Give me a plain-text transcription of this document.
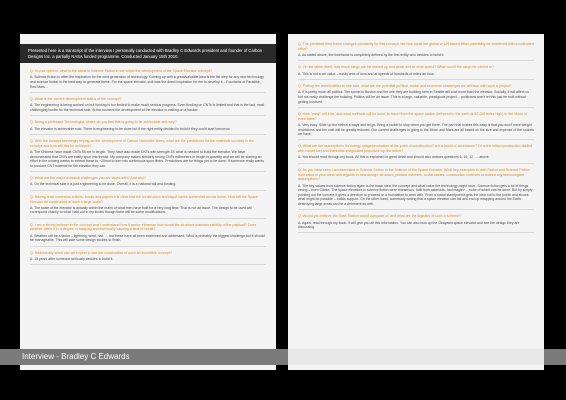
Presented here is a transcript of the interview I personally conducted with Bradley C Edwards president and founder of Carbon Designs Inc. a partially NASA funded programme. Conducted January 15th 2010.

Q. In your opinion, what is the value in Science Fiction's role within the development of the Space Elevator concept?

A. Science fiction is often the inspiration for the next generation of technology. Coming up with a great/valuable idea is the fist step for any new technology and science fiction is the best way to generate these. For the space elevator, scifi was the direct inspiration for me to develop it – Fountains of Paradise, Red Mars…

Q. What is the current development status of the concept?

A. The engineering is being worked on but funding is too limited to make much serious progress. Even funding on CNTs is limited and that is the last, most challenging hurdle for the technical side. At the moment the development of the elevator is waiting on a backer.

Q. Being a professed Technologist, where do you feel this is going to be achievable and why?

A. The elevator is achievable now. There is engineering to be done but if the right entity decided to build it they could start tomorrow.

Q. With the concept seemingly relying on the development of Carbon Nanotube fibres, what are the predictions for the materials success in the concept and how will this be achieved?

A. The Chinese have made CNTs 55 cm in length. They have also made CNTs with strength 3X what is needed to build the elevator. We have demonstrated that CNTs are easily spun into thread. My company makes similarly strong CNTs millimeters in length in quantity and we will be starting an effort in the coming weeks to extend these to ~20mm to turn into continuous spun fibers. Predictions are for things yet to be done. If someone really wants to produce CNT material for the elevator they can.

Q. What are the major technical challenges you are faced with? And why?

A. On the technical side it is just engineering to be done. Overall, it is a national will and funding.

Q. Having read numerous articles, books and papers it is clear that the construction technique varies somewhat across these. How will the Space Elevator be constructed at such a large scale?

A. The scale of the elevator is actually within the realm of what men have built for a very long time. That is not an issue. The design to be used will correspond closely to what I laid out in my books though there will be some modifications.

Q. I am a strong believer in the concept and I understand how it works. However how would the structure maintain stability of the payload? Does weather affect it to a degree of swaying and eventually causing a fault or break?

A. Weather will be a factor – lightning, wind, hail, … but these have all been examined and addressed. Wind is probably the biggest challenge but it should be manageable. This will take some design studies to finish.

Q. Realistically when can we expect to see the construction of such an incredible concept?

A. 15 years after someone seriously decides to build it.

Q. The predicted time frame changes constantly for this concept, but how could the global or UN based effort potentially be shortened with a motivated effort?

A. As stated above, the timeframe is completely defined by the first entity who decides to build it.

Q. On the tether itself, how much cargo can be moved up and down and at what speed? What would the cargo be carried in?

A. This is not a set value – easily tens of tons and at speeds of hundreds of miles an hour.

Q. Putting the technicalities to one side, what are the potential political, social and economic challenges we will face with such a project?

A. It is pretty much all politics. The tunnel in Boston and the one they are building here in Seattle will cost more than the elevator. Socially, it will affect us but not really challenge the building. Politics will be an issue. This is a large, valuable, prestigious project… politicians won't let this just be built without getting involved.

Q. How "easy" will it be, and what methods will be used, to travel from the space station (tethered to the earth at 62,000 miles high) to the Moon or even Mars?

A. Very easy. Slide up the ribbon a ways and let go. Bring a rocket to stop when you get there. The part that makes this easy is that you won't have weight restrictions and the cost will be greatly reduced. Our current challenges in going to the Moon and Mars are all based on the size and expense of the rockets we have.

Q. What are the assumptions for energy usage/production at the point of construction? Is it a world of abundance? Or is the initial construction riddled with rocket fuel and thereafter invigorated propulsion up the tether?

A. You should read through my book. All this is explained in great detail and should also answer questions 6, 10, 12, … above.

Q. As you have seen I am interested in Science Fiction in the Science of the Space Elevator. What key examples in both Fiction and Science Fiction hold value in your mind with regards to new design, structure, political outreach, social values, construction methods or indeed any technological assumptions?

A. The key values from science fiction again is the basic idea, the concept and what value the technology might have. Science fiction gets a lot of things wrong – even Clarke. The space elevators in science fiction were monstrous, built from asteroids, had maglev… none of which can be done. But by simply pointing out the concept it gives a direction to proceed or a foundation to work with. From a social standpoint it gets the idea out to the public and shows what might be possible – builds support. On the other hand, somebody writing that a space elevator can fail and end up wrapping around the Earth destroying large areas can be a detriment as well.

Q. Would you believe the Base Station would compose of, and what are the logistics of such a scheme?

A. Again, read through my book. It will give you all this information. You can also look up the Obayashi space elevator and see the design they are discussing.

Interview - Bradley C Edwards
